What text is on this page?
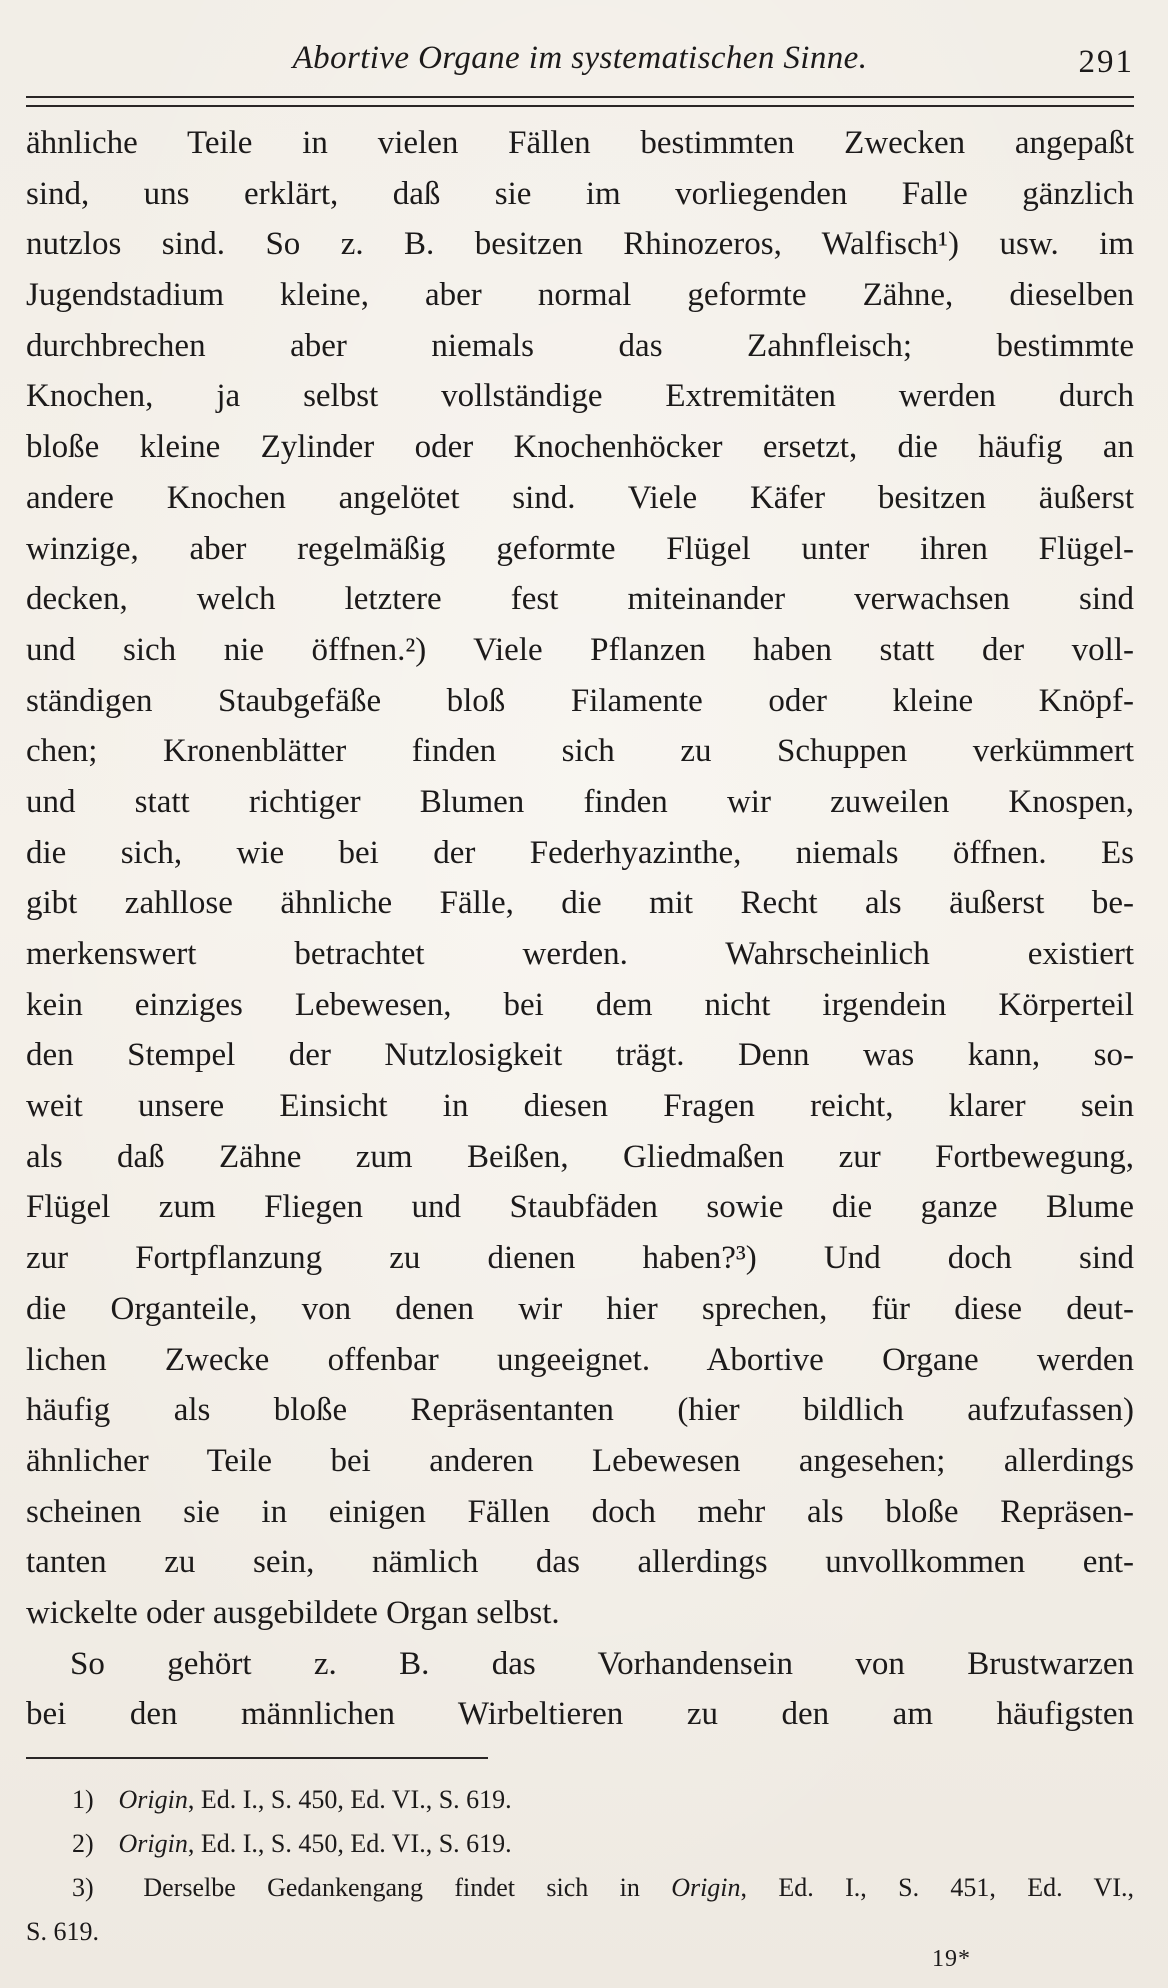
Abortive Organe im systematischen Sinne.	291
ähnliche Teile in vielen Fällen bestimmten Zwecken angepaßt
sind, uns erklärt, daß sie im vorliegenden Falle gänzlich
nutzlos sind. So z. B. besitzen Rhinozeros, Walfisch¹) usw. im
Jugendstadium kleine, aber normal geformte Zähne, dieselben
durchbrechen aber niemals das Zahnfleisch; bestimmte
Knochen, ja selbst vollständige Extremitäten werden durch
bloße kleine Zylinder oder Knochenhöcker ersetzt, die häufig an
andere Knochen angelötet sind. Viele Käfer besitzen äußerst
winzige, aber regelmäßig geformte Flügel unter ihren Flügel-
decken, welch letztere fest miteinander verwachsen sind
und sich nie öffnen.²) Viele Pflanzen haben statt der voll-
ständigen Staubgefäße bloß Filamente oder kleine Knöpf-
chen; Kronenblätter finden sich zu Schuppen verkümmert
und statt richtiger Blumen finden wir zuweilen Knospen,
die sich, wie bei der Federhyazinthe, niemals öffnen. Es
gibt zahllose ähnliche Fälle, die mit Recht als äußerst be-
merkenswert betrachtet werden. Wahrscheinlich existiert
kein einziges Lebewesen, bei dem nicht irgendein Körperteil
den Stempel der Nutzlosigkeit trägt. Denn was kann, so-
weit unsere Einsicht in diesen Fragen reicht, klarer sein
als daß Zähne zum Beißen, Gliedmaßen zur Fortbewegung,
Flügel zum Fliegen und Staubfäden sowie die ganze Blume
zur Fortpflanzung zu dienen haben?³) Und doch sind
die Organteile, von denen wir hier sprechen, für diese deut-
lichen Zwecke offenbar ungeeignet. Abortive Organe werden
häufig als bloße Repräsentanten (hier bildlich aufzufassen)
ähnlicher Teile bei anderen Lebewesen angesehen; allerdings
scheinen sie in einigen Fällen doch mehr als bloße Repräsen-
tanten zu sein, nämlich das allerdings unvollkommen ent-
wickelte oder ausgebildete Organ selbst.
So gehört z. B. das Vorhandensein von Brustwarzen
bei den männlichen Wirbeltieren zu den am häufigsten
1) Origin, Ed. I., S. 450, Ed. VI., S. 619.
2) Origin, Ed. I., S. 450, Ed. VI., S. 619.
3) Derselbe Gedankengang findet sich in Origin, Ed. I., S. 451, Ed. VI.,
S. 619.
19*
